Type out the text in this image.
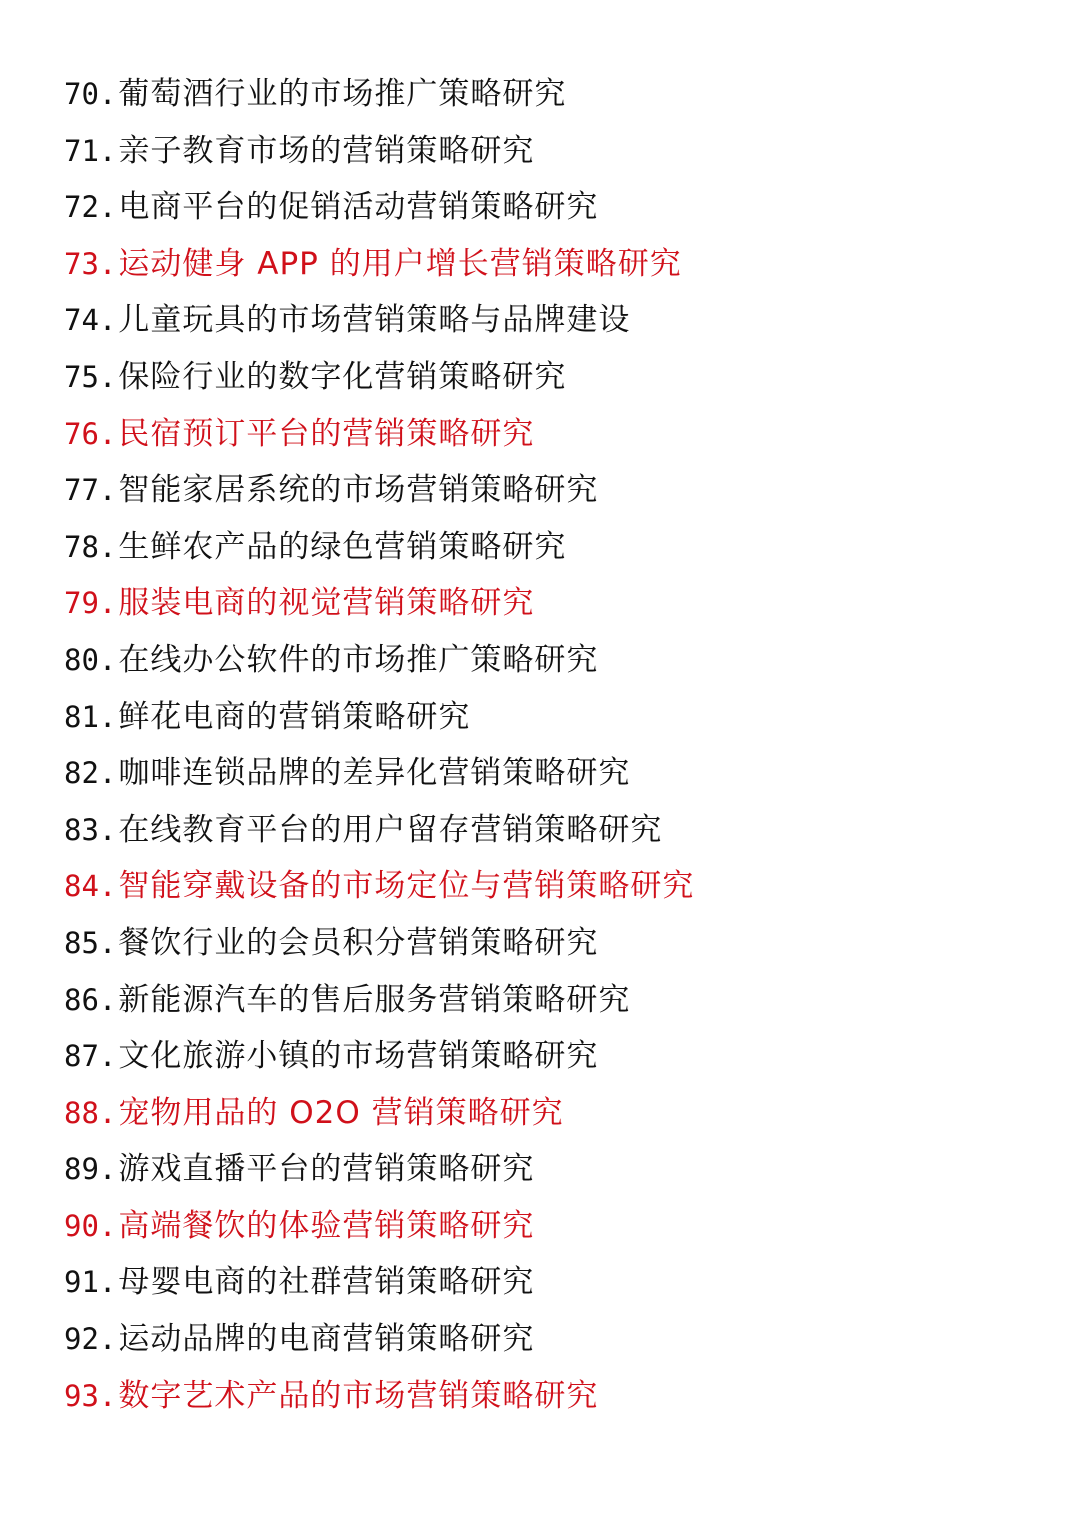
70.葡萄酒行业的市场推广策略研究
71.亲子教育市场的营销策略研究
72.电商平台的促销活动营销策略研究
73.运动健身 APP 的用户增长营销策略研究
74.儿童玩具的市场营销策略与品牌建设
75.保险行业的数字化营销策略研究
76.民宿预订平台的营销策略研究
77.智能家居系统的市场营销策略研究
78.生鲜农产品的绿色营销策略研究
79.服装电商的视觉营销策略研究
80.在线办公软件的市场推广策略研究
81.鲜花电商的营销策略研究
82.咖啡连锁品牌的差异化营销策略研究
83.在线教育平台的用户留存营销策略研究
84.智能穿戴设备的市场定位与营销策略研究
85.餐饮行业的会员积分营销策略研究
86.新能源汽车的售后服务营销策略研究
87.文化旅游小镇的市场营销策略研究
88.宠物用品的 O2O 营销策略研究
89.游戏直播平台的营销策略研究
90.高端餐饮的体验营销策略研究
91.母婴电商的社群营销策略研究
92.运动品牌的电商营销策略研究
93.数字艺术产品的市场营销策略研究
